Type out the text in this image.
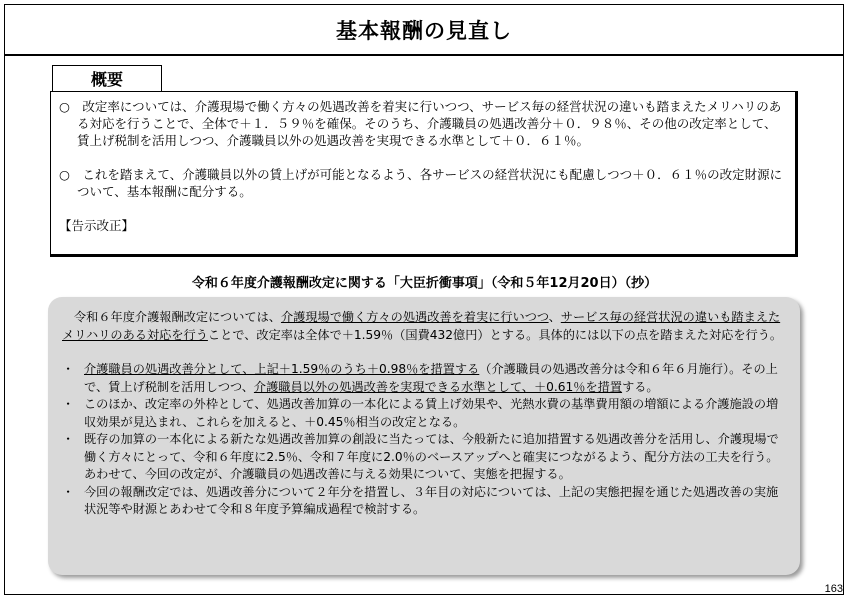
基本報酬の見直し
概要

○　改定率については、介護現場で働く方々の処遇改善を着実に行いつつ、サービス毎の経営状況の違いも踏まえたメリハリのある対応を行うことで、全体で＋１．５９％を確保。そのうち、介護職員の処遇改善分＋０．９８％、その他の改定率として、賃上げ税制を活用しつつ、介護職員以外の処遇改善を実現できる水準として＋０．６１％。

○　これを踏まえて、介護職員以外の賃上げが可能となるよう、各サービスの経営状況にも配慮しつつ＋０．６１％の改定財源について、基本報酬に配分する。

【告示改正】

令和６年度介護報酬改定に関する「大臣折衝事項」（令和５年12月20日）（抄）

令和６年度介護報酬改定については、介護現場で働く方々の処遇改善を着実に行いつつ、サービス毎の経営状況の違いも踏まえたメリハリのある対応を行うことで、改定率は全体で＋1.59％（国費432億円）とする。具体的には以下の点を踏まえた対応を行う。

・ 介護職員の処遇改善分として、上記＋1.59％のうち＋0.98％を措置する（介護職員の処遇改善分は令和６年６月施行）。その上で、賃上げ税制を活用しつつ、介護職員以外の処遇改善を実現できる水準として、＋0.61％を措置する。
・ このほか、改定率の外枠として、処遇改善加算の一本化による賃上げ効果や、光熱水費の基準費用額の増額による介護施設の増収効果が見込まれ、これらを加えると、＋0.45％相当の改定となる。
・ 既存の加算の一本化による新たな処遇改善加算の創設に当たっては、今般新たに追加措置する処遇改善分を活用し、介護現場で働く方々にとって、令和６年度に2.5％、令和７年度に2.0％のベースアップへと確実につながるよう、配分方法の工夫を行う。あわせて、今回の改定が、介護職員の処遇改善に与える効果について、実態を把握する。
・ 今回の報酬改定では、処遇改善分について２年分を措置し、３年目の対応については、上記の実態把握を通じた処遇改善の実施状況等や財源とあわせて令和８年度予算編成過程で検討する。
163
